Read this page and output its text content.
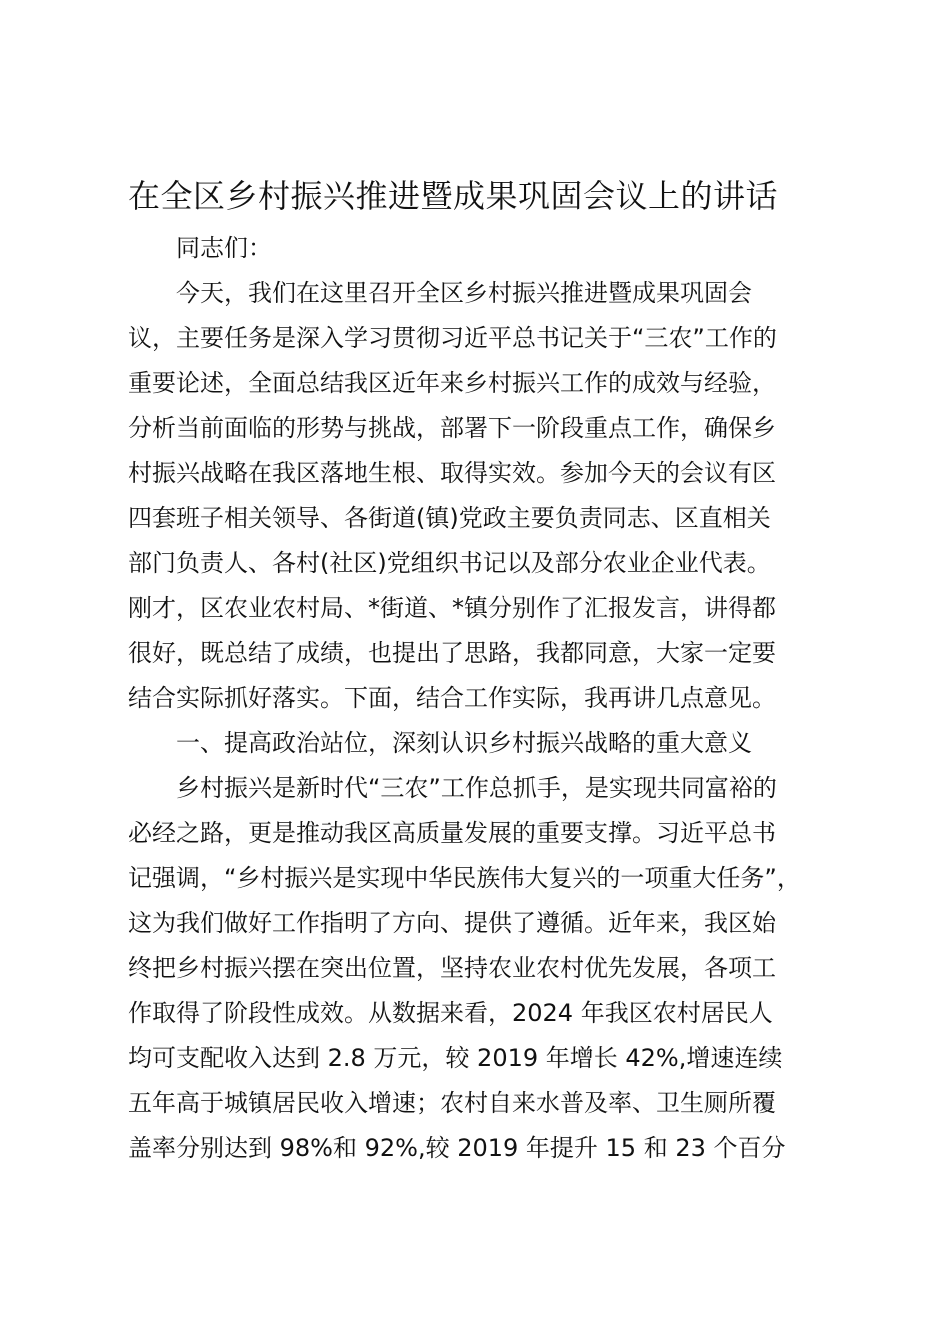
在全区乡村振兴推进暨成果巩固会议上的讲话

同志们：

今天，我们在这里召开全区乡村振兴推进暨成果巩固会
议，主要任务是深入学习贯彻习近平总书记关于“三农”工作的
重要论述，全面总结我区近年来乡村振兴工作的成效与经验，
分析当前面临的形势与挑战，部署下一阶段重点工作，确保乡
村振兴战略在我区落地生根、取得实效。参加今天的会议有区
四套班子相关领导、各街道(镇)党政主要负责同志、区直相关
部门负责人、各村(社区)党组织书记以及部分农业企业代表。
刚才，区农业农村局、*街道、*镇分别作了汇报发言，讲得都
很好，既总结了成绩，也提出了思路，我都同意，大家一定要
结合实际抓好落实。下面，结合工作实际，我再讲几点意见。

一、提高政治站位，深刻认识乡村振兴战略的重大意义

乡村振兴是新时代“三农”工作总抓手，是实现共同富裕的
必经之路，更是推动我区高质量发展的重要支撑。习近平总书
记强调，“乡村振兴是实现中华民族伟大复兴的一项重大任务”，
这为我们做好工作指明了方向、提供了遵循。近年来，我区始
终把乡村振兴摆在突出位置，坚持农业农村优先发展，各项工
作取得了阶段性成效。从数据来看，2024 年我区农村居民人
均可支配收入达到 2.8 万元，较 2019 年增长 42%,增速连续
五年高于城镇居民收入增速；农村自来水普及率、卫生厕所覆
盖率分别达到 98%和 92%,较 2019 年提升 15 和 23 个百分
